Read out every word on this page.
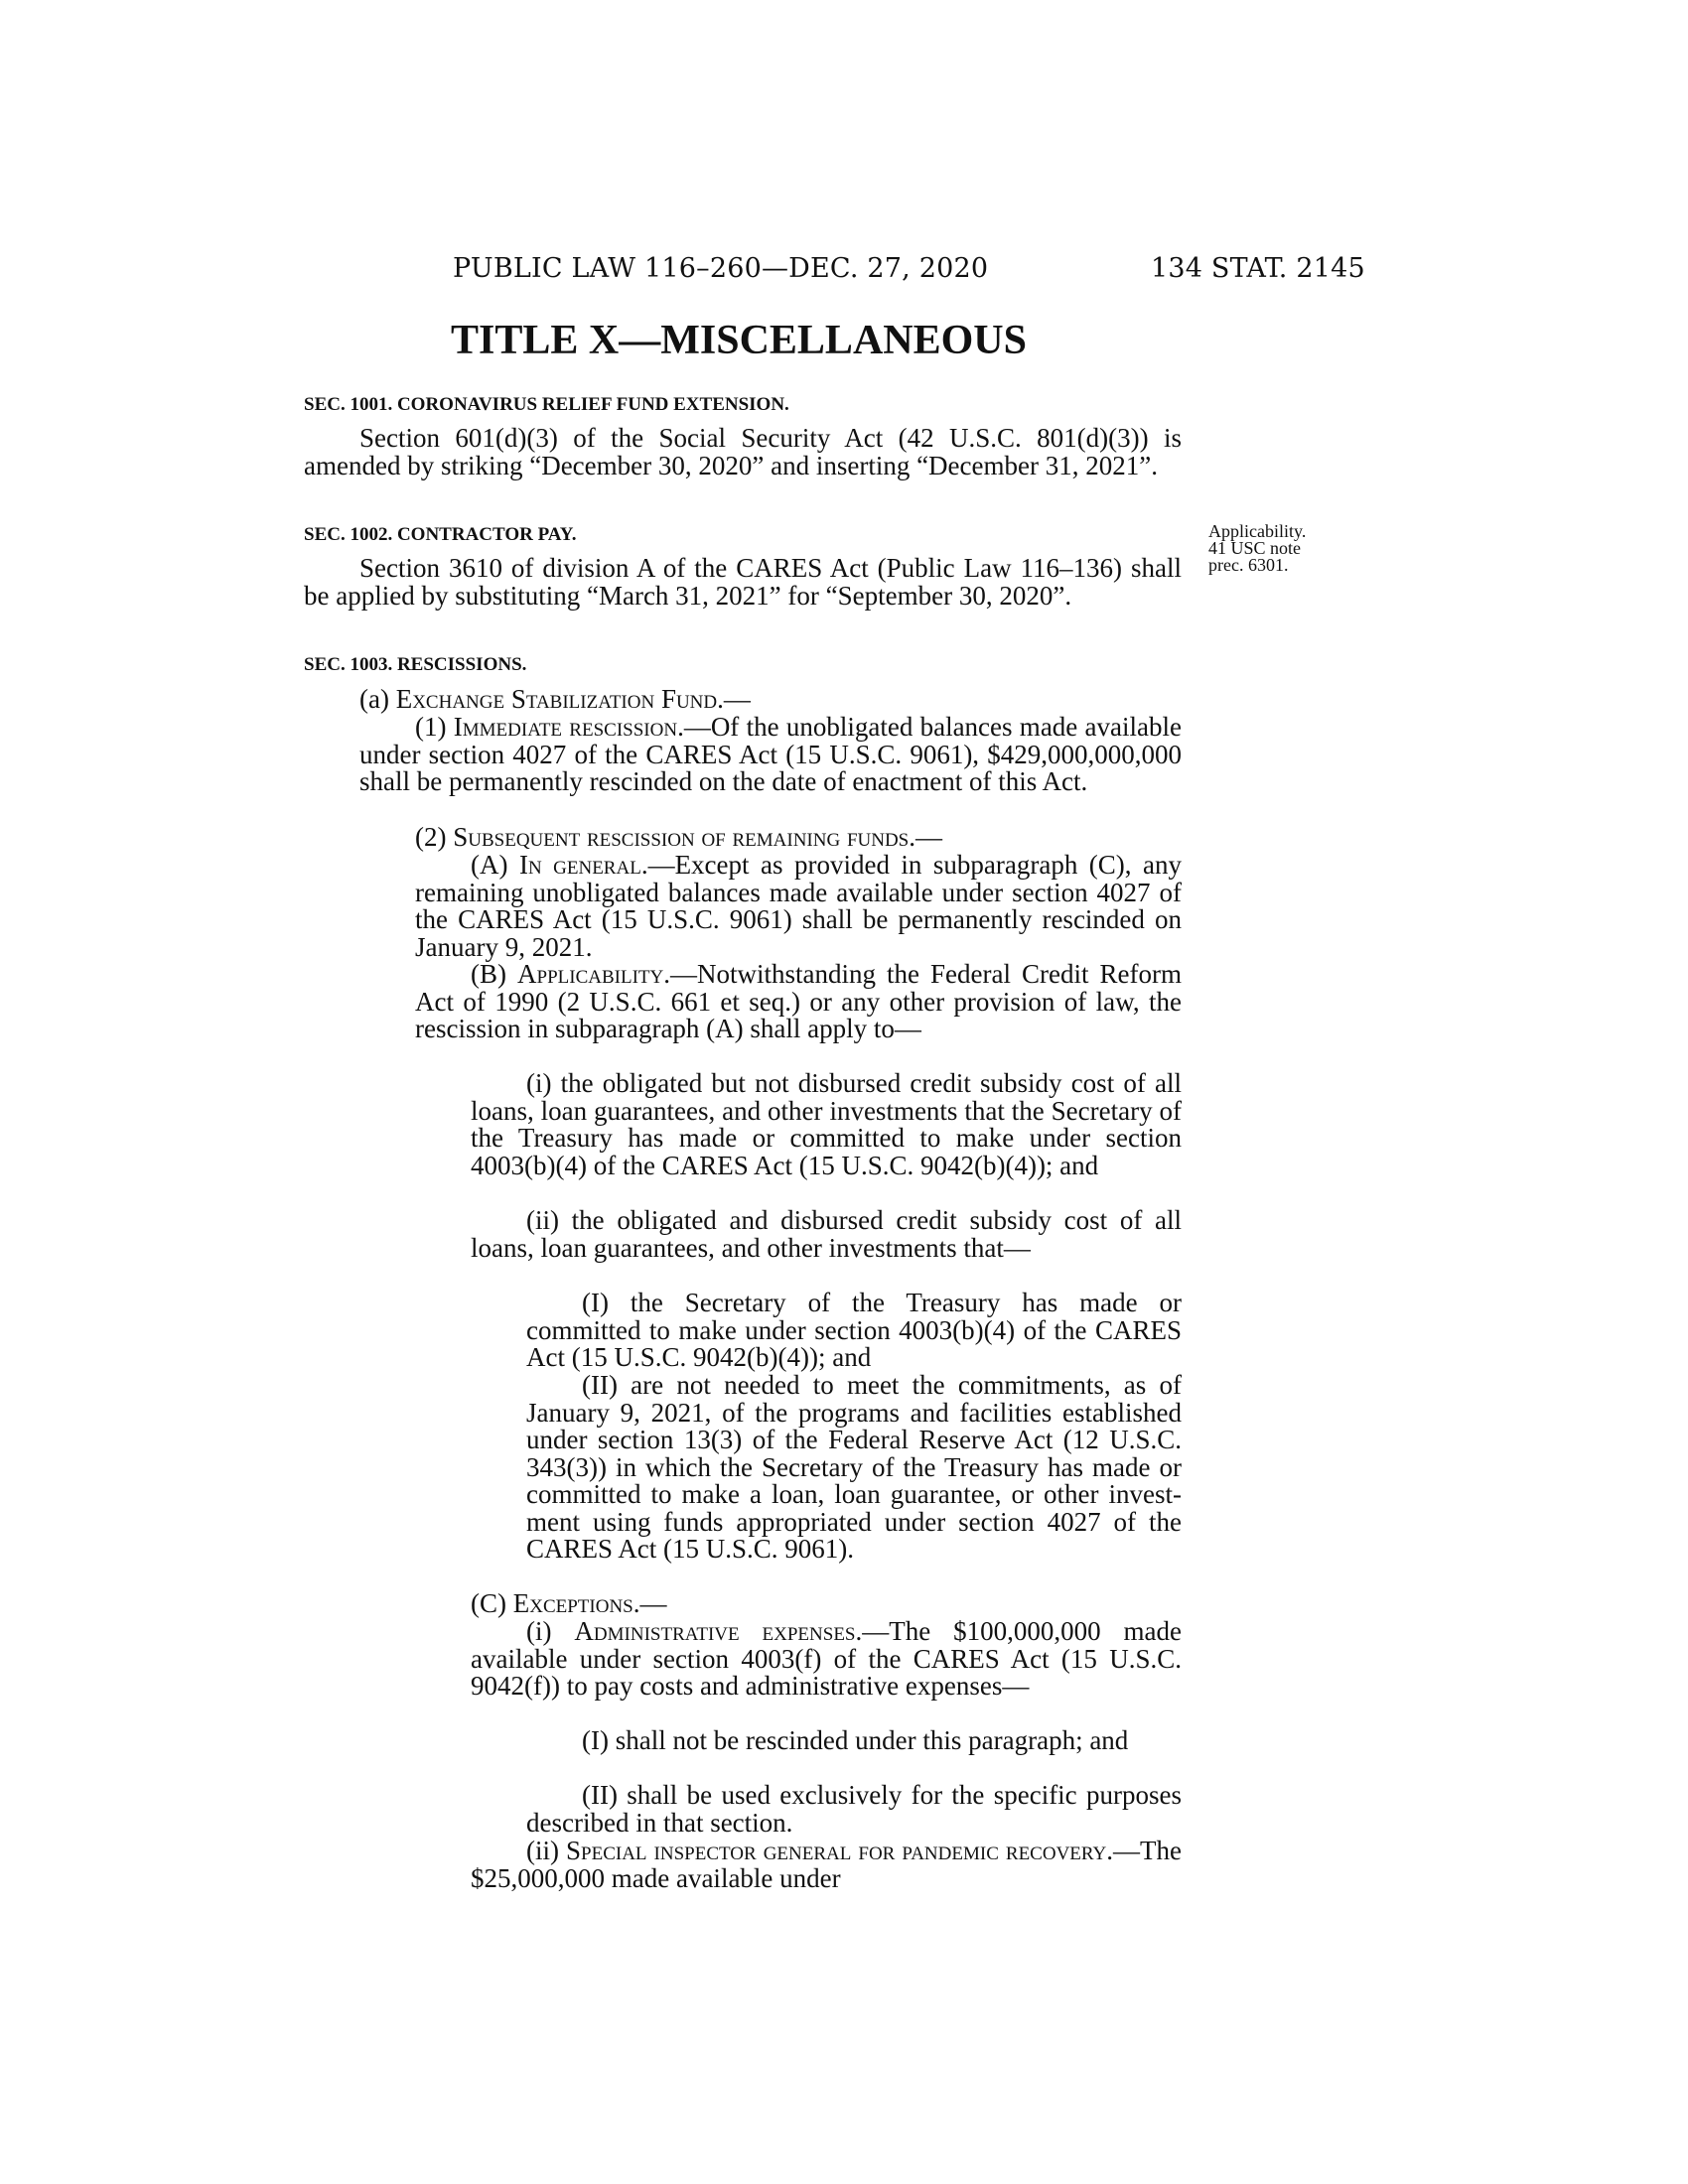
PUBLIC LAW 116–260—DEC. 27, 2020	134 STAT. 2145
TITLE X—MISCELLANEOUS
SEC. 1001. CORONAVIRUS RELIEF FUND EXTENSION.

Section 601(d)(3) of the Social Security Act (42 U.S.C. 801(d)(3)) is amended by striking “December 30, 2020” and inserting “December 31, 2021”.

SEC. 1002. CONTRACTOR PAY.

Section 3610 of division A of the CARES Act (Public Law 116–136) shall be applied by substituting “March 31, 2021” for “September 30, 2020”.

Applicability.
41 USC note
prec. 6301.
SEC. 1003. RESCISSIONS.

(a) Exchange Stabilization Fund.—

(1) Immediate rescission.—Of the unobligated balances made available under section 4027 of the CARES Act (15 U.S.C. 9061), $429,000,000,000 shall be permanently rescinded on the date of enactment of this Act.

(2) Subsequent rescission of remaining funds.—

(A) In general.—Except as provided in subparagraph (C), any remaining unobligated balances made available under section 4027 of the CARES Act (15 U.S.C. 9061) shall be permanently rescinded on January 9, 2021.

(B) Applicability.—Notwithstanding the Federal Credit Reform Act of 1990 (2 U.S.C. 661 et seq.) or any other provision of law, the rescission in subparagraph (A) shall apply to—

(i) the obligated but not disbursed credit subsidy cost of all loans, loan guarantees, and other investments that the Secretary of the Treasury has made or committed to make under section 4003(b)(4) of the CARES Act (15 U.S.C. 9042(b)(4)); and

(ii) the obligated and disbursed credit subsidy cost of all loans, loan guarantees, and other investments that—

(I) the Secretary of the Treasury has made or committed to make under section 4003(b)(4) of the CARES Act (15 U.S.C. 9042(b)(4)); and

(II) are not needed to meet the commitments, as of January 9, 2021, of the programs and facilities established under section 13(3) of the Federal Reserve Act (12 U.S.C. 343(3)) in which the Secretary of the Treasury has made or committed to make a loan, loan guarantee, or other investment using funds appropriated under section 4027 of the CARES Act (15 U.S.C. 9061).

(C) Exceptions.—

(i) Administrative expenses.—The $100,000,000 made available under section 4003(f) of the CARES Act (15 U.S.C. 9042(f)) to pay costs and administrative expenses—

(I) shall not be rescinded under this paragraph; and

(II) shall be used exclusively for the specific purposes described in that section.

(ii) Special inspector general for pandemic recovery.—The $25,000,000 made available under
